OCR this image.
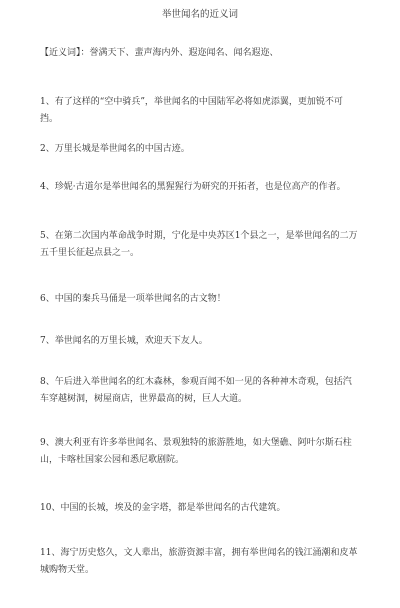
举世闻名的近义词
【近义词】：誉满天下、蜚声海内外、遐迩闻名、闻名遐迩、
1、有了这样的“空中骑兵”，举世闻名的中国陆军必将如虎添翼，更加锐不可挡。
2、万里长城是举世闻名的中国古迹。
4、珍妮·古道尔是举世闻名的黑猩猩行为研究的开拓者，也是位高产的作者。
5、在第二次国内革命战争时期，宁化是中央苏区1个县之一，是举世闻名的二万五千里长征起点县之一。
6、中国的秦兵马俑是一项举世闻名的古文物！
7、举世闻名的万里长城，欢迎天下友人。
8、午后进入举世闻名的红木森林，参观百闻不如一见的各种神木奇观，包括汽车穿越树洞，树屋商店，世界最高的树，巨人大道。
9、澳大利亚有许多举世闻名、景观独特的旅游胜地，如大堡礁、阿叶尔斯石柱山，卡喀杜国家公园和悉尼歌剧院。
10、中国的长城，埃及的金字塔，都是举世闻名的古代建筑。
11、海宁历史悠久，文人辈出，旅游资源丰富，拥有举世闻名的钱江涌潮和皮革城购物天堂。
